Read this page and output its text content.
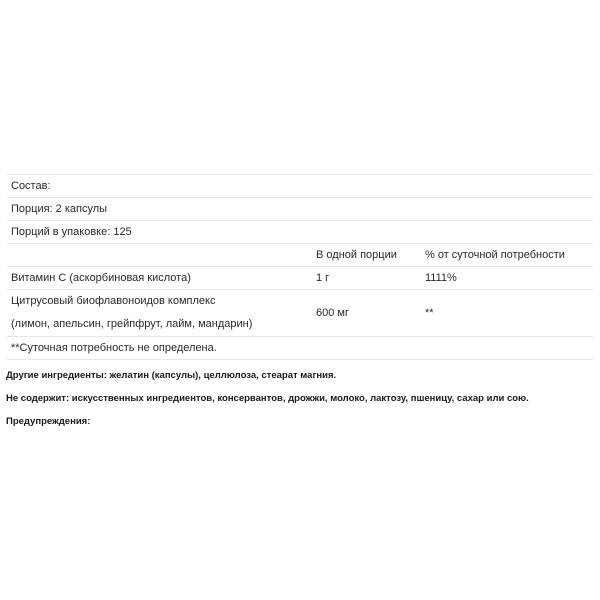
Состав:		
Порция: 2 капсулы		
Порций в упаковке: 125		
	В одной порции	% от суточной потребности
Витамин C (аскорбиновая кислота)	1 г	1111%

Цитрусовый биофлавоноидов комплекс
(лимон, апельсин, грейпфрут, лайм, мандарин)	600 мг	**
**Суточная потребность не определена.		

Другие ингредиенты: желатин (капсулы), целлюлоза, стеарат магния.

Не содержит: искусственных ингредиентов, консервантов, дрожжи, молоко, лактозу, пшеницу, сахар или сою.

Предупреждения:
